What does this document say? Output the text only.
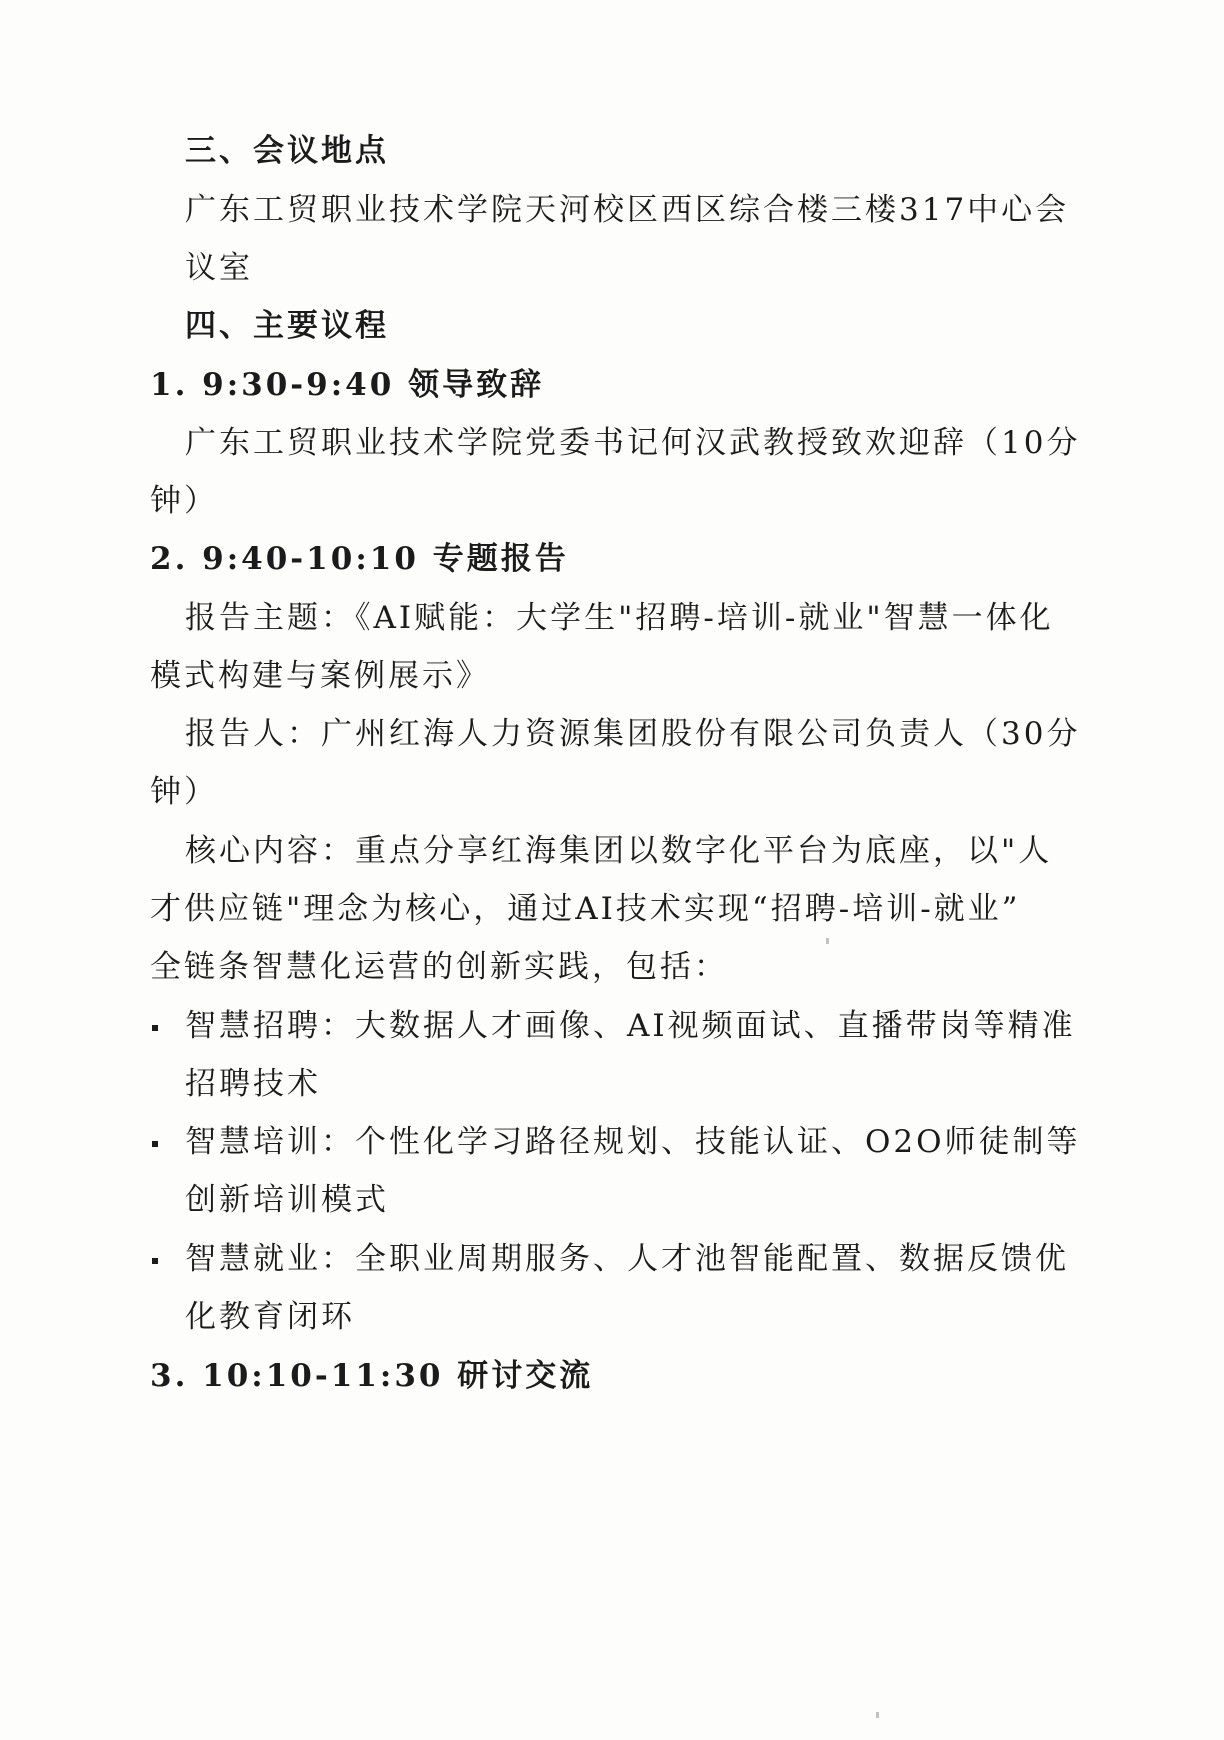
三、会议地点
广东工贸职业技术学院天河校区西区综合楼三楼317中心会
议室
四、主要议程
1. 9:30-9:40 领导致辞
广东工贸职业技术学院党委书记何汉武教授致欢迎辞（10分
钟）
2. 9:40-10:10 专题报告
报告主题：《AI赋能：大学生"招聘-培训-就业"智慧一体化
模式构建与案例展示》
报告人：广州红海人力资源集团股份有限公司负责人（30分
钟）
核心内容：重点分享红海集团以数字化平台为底座，以"人
才供应链"理念为核心，通过AI技术实现“招聘-培训-就业”
全链条智慧化运营的创新实践，包括：
智慧招聘：大数据人才画像、AI视频面试、直播带岗等精准
招聘技术
智慧培训：个性化学习路径规划、技能认证、O2O师徒制等
创新培训模式
智慧就业：全职业周期服务、人才池智能配置、数据反馈优
化教育闭环
3. 10:10-11:30 研讨交流
